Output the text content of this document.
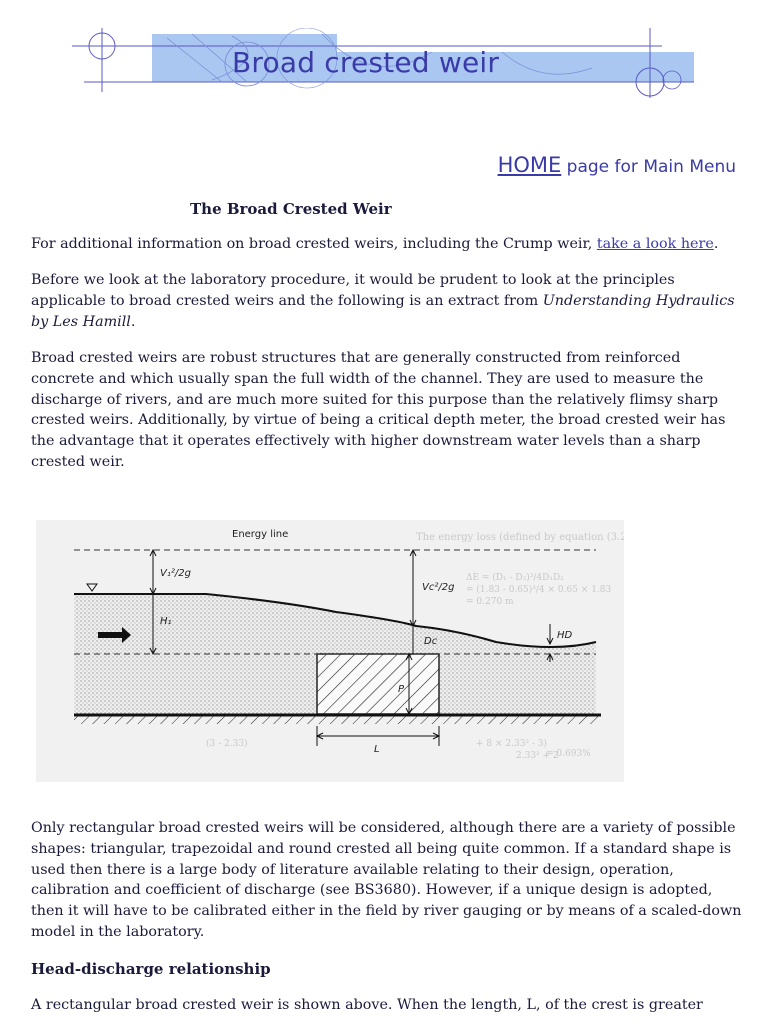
Broad crested weir
HOME page for Main Menu
The Broad Crested Weir
For additional information on broad crested weirs, including the Crump weir, take a look here.
Before we look at the laboratory procedure, it would be prudent to look at the principles applicable to broad crested weirs and the following is an extract from Understanding Hydraulics by Les Hamill.
Broad crested weirs are robust structures that are generally constructed from reinforced concrete and which usually span the full width of the channel. They are used to measure the discharge of rivers, and are much more suited for this purpose than the relatively flimsy sharp crested weirs. Additionally, by virtue of being a critical depth meter, the broad crested weir has the advantage that it operates effectively with higher downstream water levels than a sharp crested weir.
The energy loss (defined by equation (3.20)
ΔE = (D₁ - D₂)³/4D₁D₂
= (1.83 - 0.65)³/4 × 0.65 × 1.83
= 0.270 m
(3 - 2.33)	+ 8 × 2.33² - 3)
= 0.693%
2.33² + 2
Energy line
V₁²/2g
H₁
Vc²/2g
Dc
HD
P
L
Only rectangular broad crested weirs will be considered, although there are a variety of possible shapes: triangular, trapezoidal and round crested all being quite common. If a standard shape is used then there is a large body of literature available relating to their design, operation, calibration and coefficient of discharge (see BS3680). However, if a unique design is adopted, then it will have to be calibrated either in the field by river gauging or by means of a scaled-down model in the laboratory.
Head-discharge relationship
A rectangular broad crested weir is shown above. When the length, L, of the crest is greater
